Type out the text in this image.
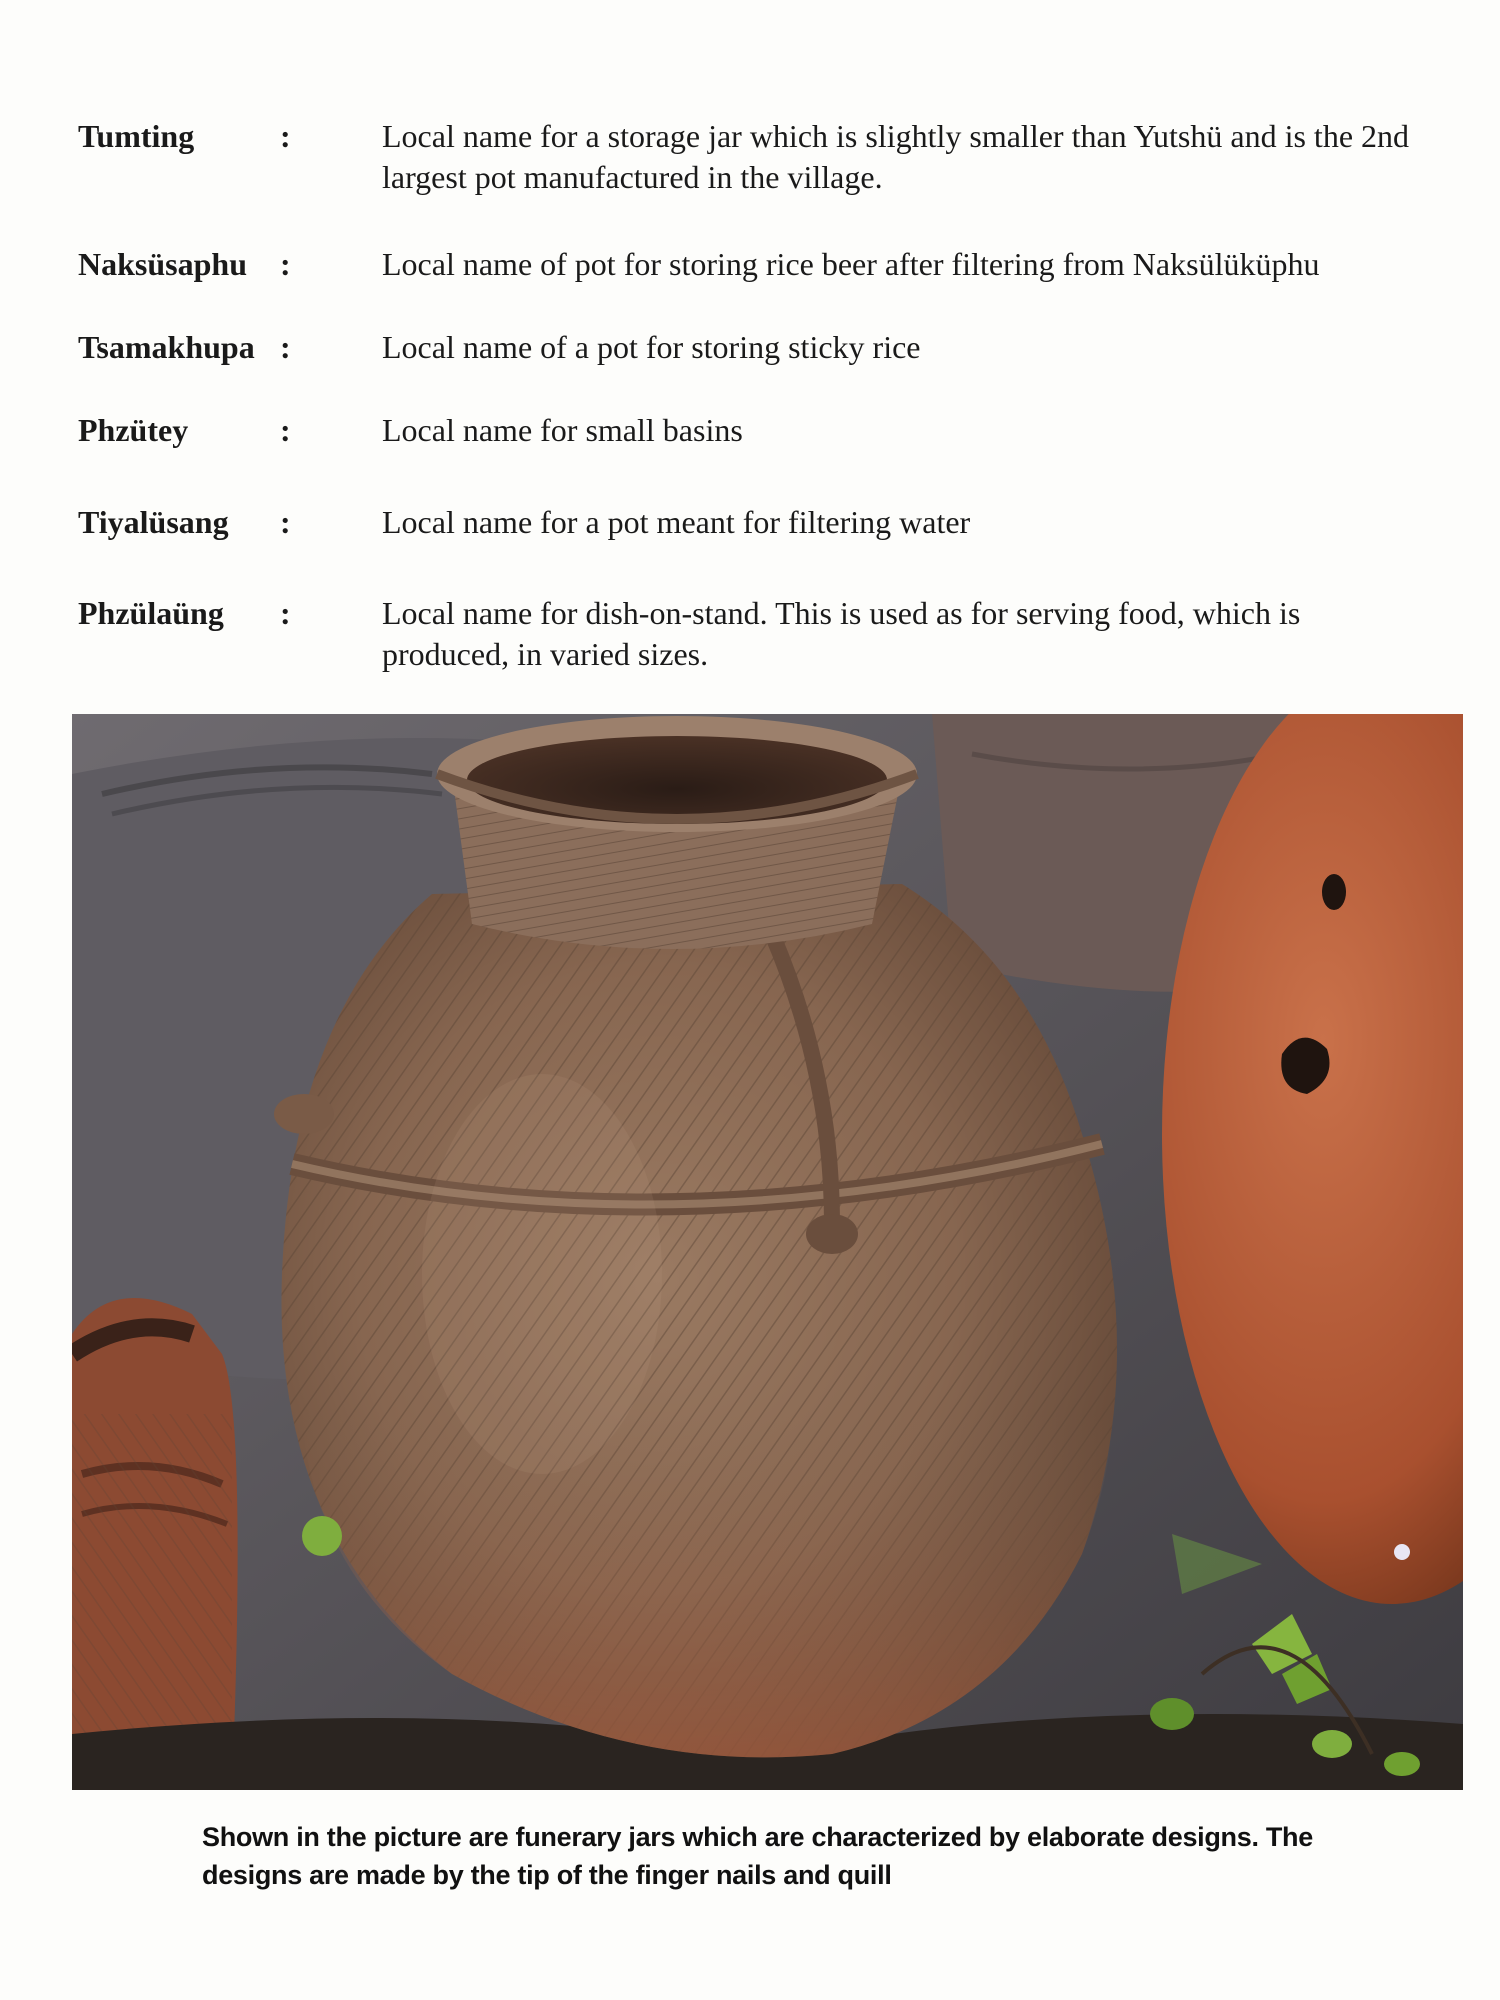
Tumting	:	Local name for a storage jar which is slightly smaller than Yutshü and is the 2nd largest pot manufactured in the village.
Naksüsaphu :	Local name of pot for storing rice beer after filtering from Naksülüküphu
Tsamakhupa :	Local name of a pot for storing sticky rice
Phzütey	:	Local name for small basins
Tiyalüsang :	Local name for a pot meant for filtering water
Phzülaüng :	Local name for dish-on-stand. This is used as for serving food, which is produced, in varied sizes.
Shown in the picture are funerary jars which are characterized by elaborate designs. The designs are made by the tip of the finger nails and quill
